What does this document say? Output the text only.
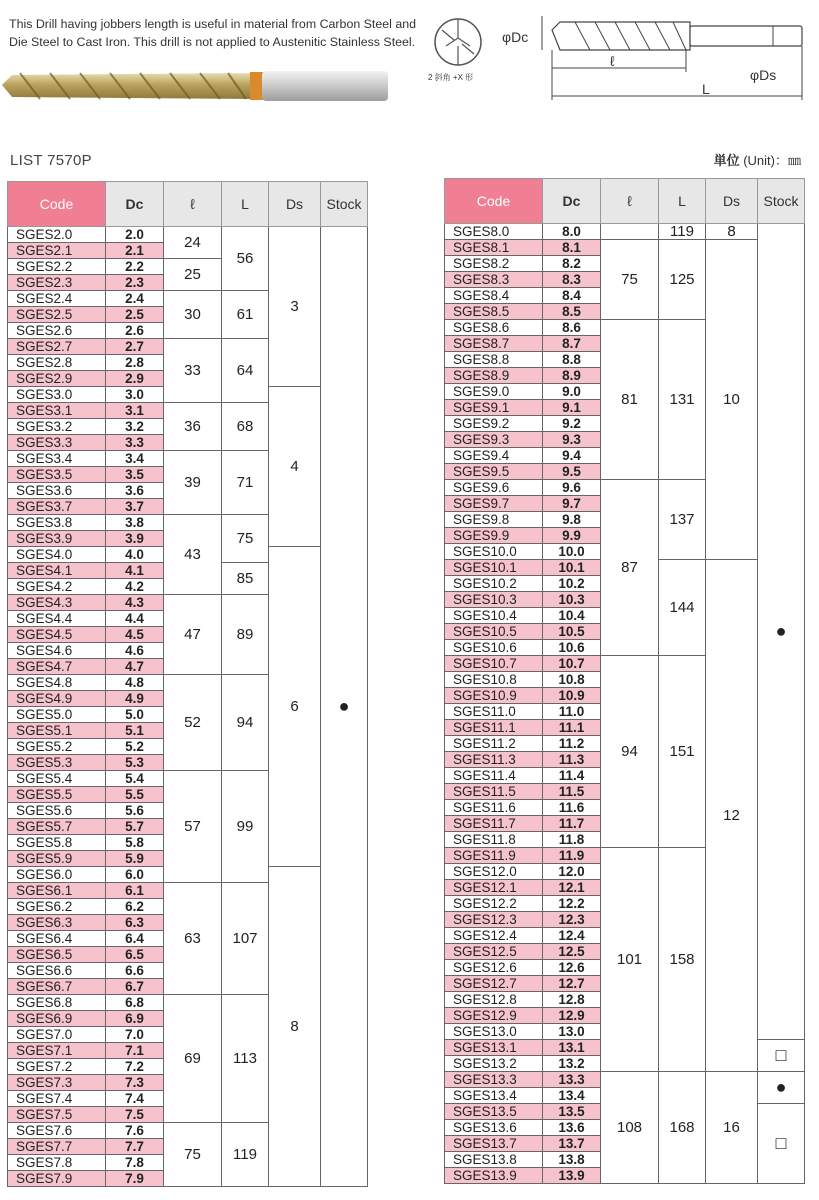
This Drill having jobbers length is useful in material from Carbon Steel and Die Steel to Cast Iron. This drill is not applied to Austenitic Stainless Steel.
2 斜角 +X 形
φDc
ℓ
φDs
L
LIST 7570P	単位 (Unit)：㎜
Code	Dc	ℓ	L	Ds	Stock
SGES2.0	2.0	24	56	3	●
SGES2.1	2.1				
SGES2.2	2.2	25			
SGES2.3	2.3				
SGES2.4	2.4	30	61		
SGES2.5	2.5				
SGES2.6	2.6				
SGES2.7	2.7	33	64		
SGES2.8	2.8				
SGES2.9	2.9				
SGES3.0	3.0			4	
SGES3.1	3.1	36	68		
SGES3.2	3.2				
SGES3.3	3.3				
SGES3.4	3.4	39	71		
SGES3.5	3.5				
SGES3.6	3.6				
SGES3.7	3.7				
SGES3.8	3.8	43	75		
SGES3.9	3.9				
SGES4.0	4.0			6	
SGES4.1	4.1		85		
SGES4.2	4.2				
SGES4.3	4.3	47	89		
SGES4.4	4.4				
SGES4.5	4.5				
SGES4.6	4.6				
SGES4.7	4.7				
SGES4.8	4.8	52	94		
SGES4.9	4.9				
SGES5.0	5.0				
SGES5.1	5.1				
SGES5.2	5.2				
SGES5.3	5.3				
SGES5.4	5.4	57	99		
SGES5.5	5.5				
SGES5.6	5.6				
SGES5.7	5.7				
SGES5.8	5.8				
SGES5.9	5.9				
SGES6.0	6.0			8	
SGES6.1	6.1	63	107		
SGES6.2	6.2				
SGES6.3	6.3				
SGES6.4	6.4				
SGES6.5	6.5				
SGES6.6	6.6				
SGES6.7	6.7				
SGES6.8	6.8	69	113		
SGES6.9	6.9				
SGES7.0	7.0				
SGES7.1	7.1				
SGES7.2	7.2				
SGES7.3	7.3				
SGES7.4	7.4				
SGES7.5	7.5				
SGES7.6	7.6	75	119		
SGES7.7	7.7				
SGES7.8	7.8				
SGES7.9	7.9				
Code	Dc	ℓ	L	Ds	Stock
SGES8.0	8.0		119	8	●
SGES8.1	8.1	75	125	10	
SGES8.2	8.2				
SGES8.3	8.3				
SGES8.4	8.4				
SGES8.5	8.5				
SGES8.6	8.6	81	131		
SGES8.7	8.7				
SGES8.8	8.8				
SGES8.9	8.9				
SGES9.0	9.0				
SGES9.1	9.1				
SGES9.2	9.2				
SGES9.3	9.3				
SGES9.4	9.4				
SGES9.5	9.5				
SGES9.6	9.6	87	137		
SGES9.7	9.7				
SGES9.8	9.8				
SGES9.9	9.9				
SGES10.0	10.0				
SGES10.1	10.1		144	12	
SGES10.2	10.2				
SGES10.3	10.3				
SGES10.4	10.4				
SGES10.5	10.5				
SGES10.6	10.6				
SGES10.7	10.7	94	151		
SGES10.8	10.8				
SGES10.9	10.9				
SGES11.0	11.0				
SGES11.1	11.1				
SGES11.2	11.2				
SGES11.3	11.3				
SGES11.4	11.4				
SGES11.5	11.5				
SGES11.6	11.6				
SGES11.7	11.7				
SGES11.8	11.8				
SGES11.9	11.9	101	158		
SGES12.0	12.0				
SGES12.1	12.1				
SGES12.2	12.2				
SGES12.3	12.3				
SGES12.4	12.4				
SGES12.5	12.5				
SGES12.6	12.6				
SGES12.7	12.7				
SGES12.8	12.8				
SGES12.9	12.9				
SGES13.0	13.0				
SGES13.1	13.1				□
SGES13.2	13.2				
SGES13.3	13.3	108	168	16	●
SGES13.4	13.4				
SGES13.5	13.5				□
SGES13.6	13.6				
SGES13.7	13.7				
SGES13.8	13.8				
SGES13.9	13.9				
